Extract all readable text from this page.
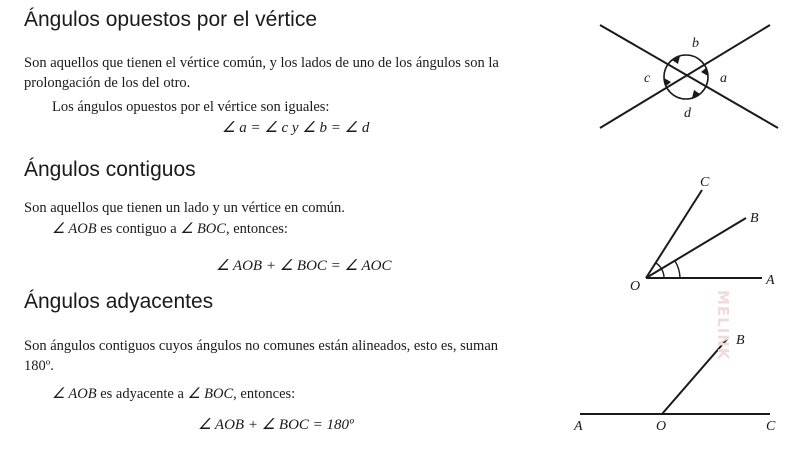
Ángulos opuestos por el vértice

Son aquellos que tienen el vértice común, y los lados de uno de los ángulos son la

prolongación de los del otro.

Los ángulos opuestos por el vértice son iguales:

∠ a = ∠ c y ∠ b = ∠ d

b
c	a
d
Ángulos contiguos

Son aquellos que tienen un lado y un vértice en común.

∠ AOB es contiguo a ∠ BOC, entonces:

∠ AOB + ∠ BOC = ∠ AOC

C
B
O	A
Ángulos adyacentes

Son ángulos contiguos cuyos ángulos no comunes están alineados, esto es, suman

180º.

∠ AOB es adyacente a ∠ BOC, entonces:

∠ AOB + ∠ BOC = 180º

B
A	O	C
MELINK
